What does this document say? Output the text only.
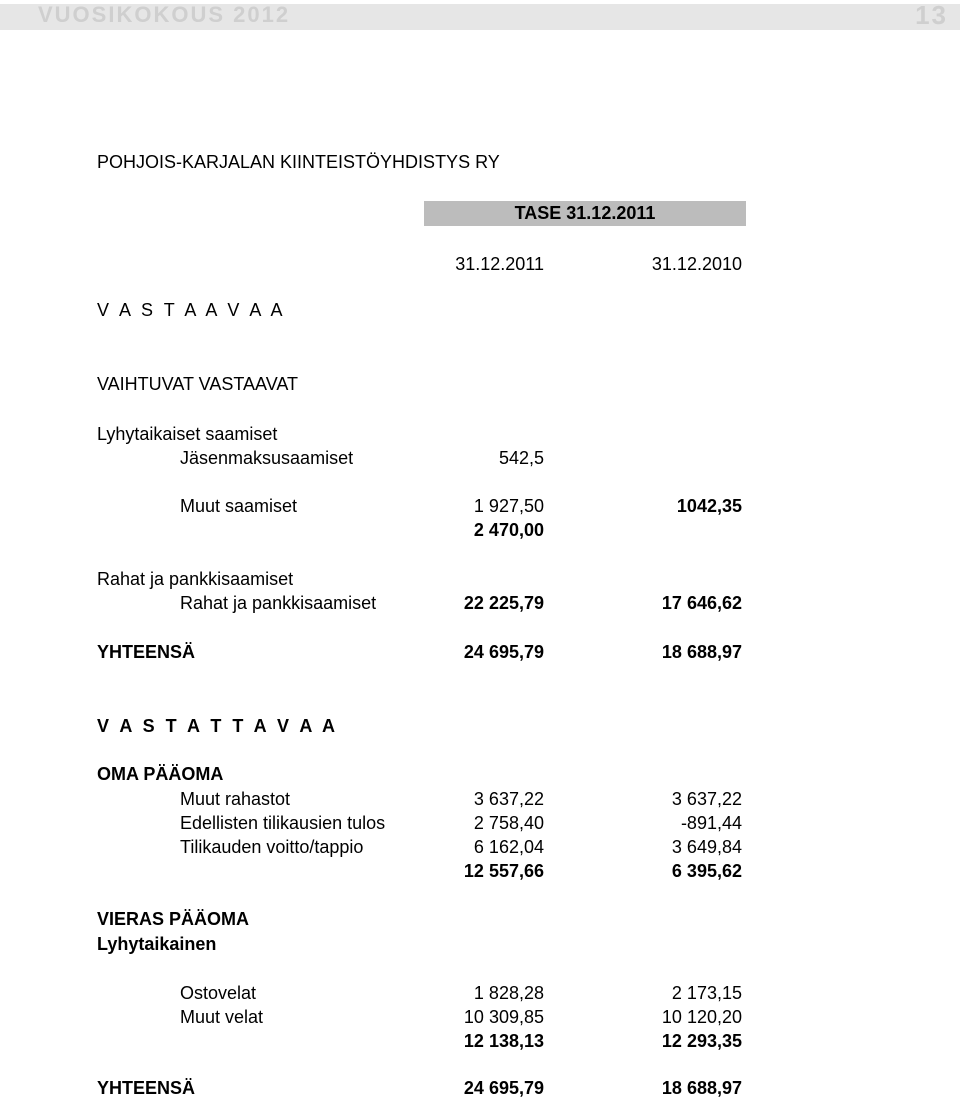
VUOSIKOKOUS 2012	13
POHJOIS-KARJALAN KIINTEISTÖYHDISTYS RY
TASE 31.12.2011
31.12.2011	31.12.2010
V A S T A A V A A
VAIHTUVAT VASTAAVAT
Lyhytaikaiset saamiset
Jäsenmaksusaamiset	542,5
Muut saamiset	1 927,50	1042,35
2 470,00
Rahat ja pankkisaamiset
Rahat ja pankkisaamiset	22 225,79	17 646,62
YHTEENSÄ	24 695,79	18 688,97
V A S T A T T A V A A
OMA PÄÄOMA
Muut rahastot	3 637,22	3 637,22
Edellisten tilikausien tulos	2 758,40	-891,44
Tilikauden voitto/tappio	6 162,04	3 649,84
12 557,66	6 395,62
VIERAS PÄÄOMA
Lyhytaikainen
Ostovelat	1 828,28	2 173,15
Muut velat	10 309,85	10 120,20
12 138,13	12 293,35
YHTEENSÄ	24 695,79	18 688,97
